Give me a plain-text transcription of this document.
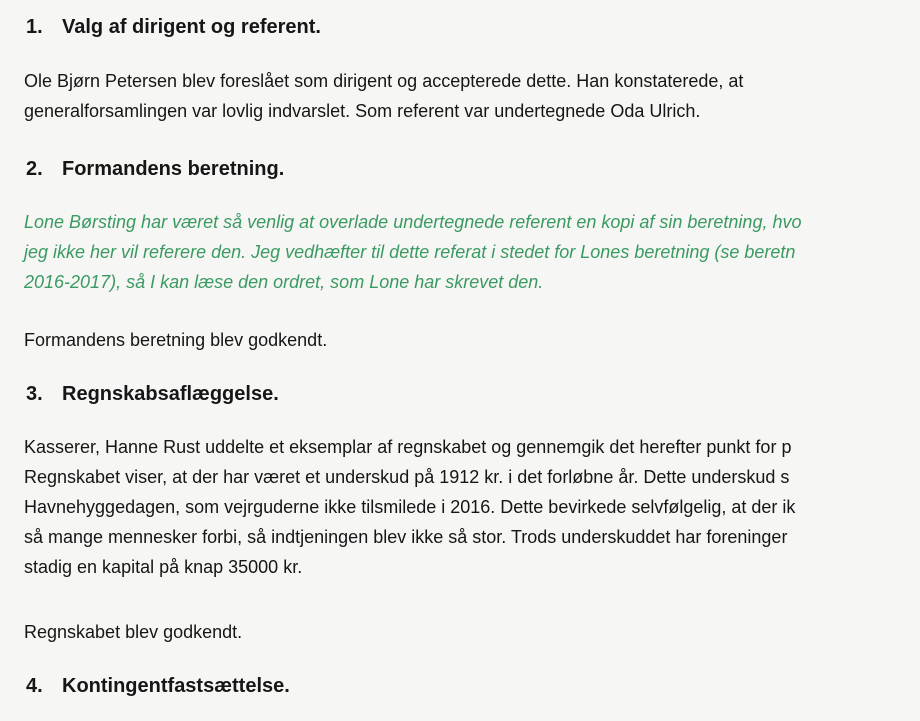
1. Valg af dirigent og referent.
Ole Bjørn Petersen blev foreslået som dirigent og accepterede dette. Han konstaterede, at
generalforsamlingen var lovlig indvarslet. Som referent var undertegnede Oda Ulrich.
2. Formandens beretning.
Lone Børsting har været så venlig at overlade undertegnede referent en kopi af sin beretning, hvo
jeg ikke her vil referere den. Jeg vedhæfter til dette referat i stedet for Lones beretning (se beretn
2016-2017), så I kan læse den ordret, som Lone har skrevet den.
Formandens beretning blev godkendt.
3. Regnskabsaflæggelse.
Kasserer, Hanne Rust uddelte et eksemplar af regnskabet og gennemgik det herefter punkt for p
Regnskabet viser, at der har været et underskud på 1912 kr. i det forløbne år. Dette underskud s
Havnehyggedagen, som vejrguderne ikke tilsmilede i 2016. Dette bevirkede selvfølgelig, at der ik
så mange mennesker forbi, så indtjeningen blev ikke så stor. Trods underskuddet har foreninger
stadig en kapital på knap 35000 kr.
Regnskabet blev godkendt.
4. Kontingentfastsættelse.
